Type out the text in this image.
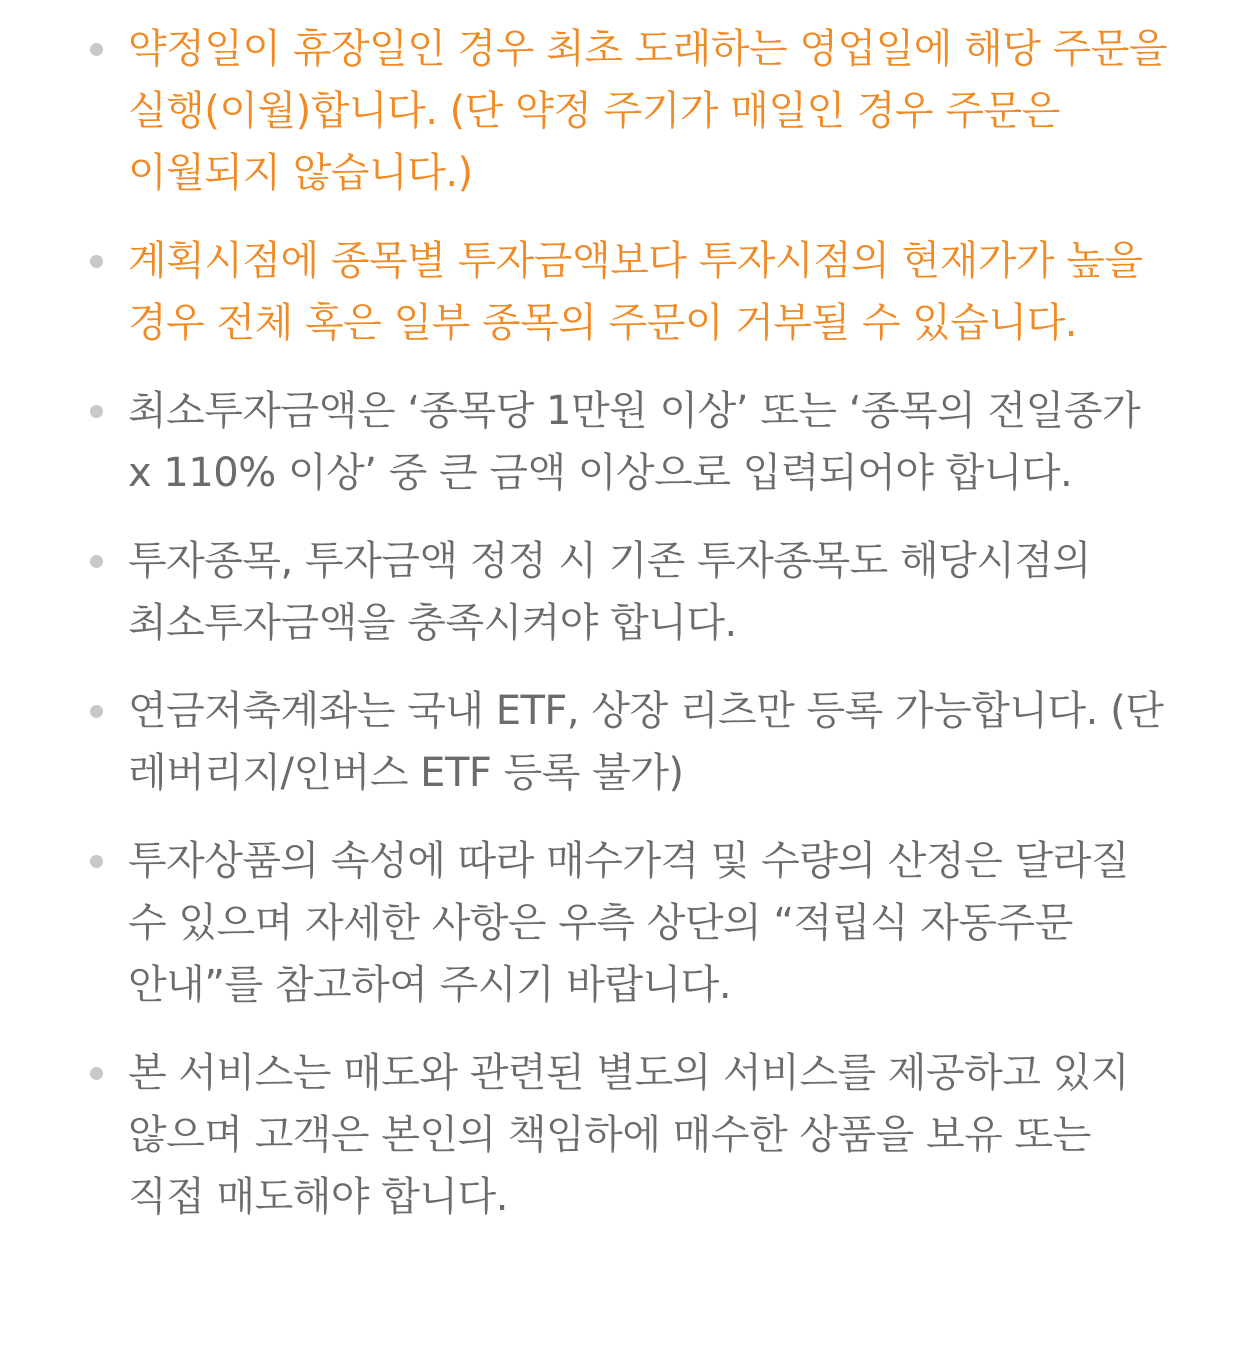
약정일이 휴장일인 경우 최초 도래하는 영업일에 해당 주문을 실행(이월)합니다. (단 약정 주기가 매일인 경우 주문은 이월되지 않습니다.)
계획시점에 종목별 투자금액보다 투자시점의 현재가가 높을 경우 전체 혹은 일부 종목의 주문이 거부될 수 있습니다.
최소투자금액은 ‘종목당 1만원 이상’ 또는 ‘종목의 전일종가 x 110% 이상’ 중 큰 금액 이상으로 입력되어야 합니다.
투자종목, 투자금액 정정 시 기존 투자종목도 해당시점의 최소투자금액을 충족시켜야 합니다.
연금저축계좌는 국내 ETF, 상장 리츠만 등록 가능합니다. (단 레버리지/인버스 ETF 등록 불가)
투자상품의 속성에 따라 매수가격 및 수량의 산정은 달라질 수 있으며 자세한 사항은 우측 상단의 “적립식 자동주문 안내”를 참고하여 주시기 바랍니다.
본 서비스는 매도와 관련된 별도의 서비스를 제공하고 있지 않으며 고객은 본인의 책임하에 매수한 상품을 보유 또는 직접 매도해야 합니다.
